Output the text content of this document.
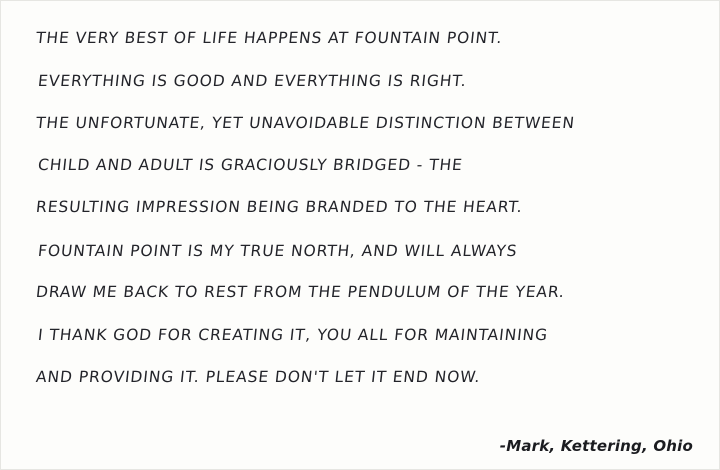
THE VERY BEST OF LIFE HAPPENS AT FOUNTAIN POINT.
EVERYTHING IS GOOD AND EVERYTHING IS RIGHT.
THE UNFORTUNATE, YET UNAVOIDABLE DISTINCTION BETWEEN
CHILD AND ADULT IS GRACIOUSLY BRIDGED - THE
RESULTING IMPRESSION BEING BRANDED TO THE HEART.
FOUNTAIN POINT IS MY TRUE NORTH, AND WILL ALWAYS
DRAW ME BACK TO REST FROM THE PENDULUM OF THE YEAR.
I THANK GOD FOR CREATING IT, YOU ALL FOR MAINTAINING
AND PROVIDING IT. PLEASE DON'T LET IT END NOW.
-Mark, Kettering, Ohio
